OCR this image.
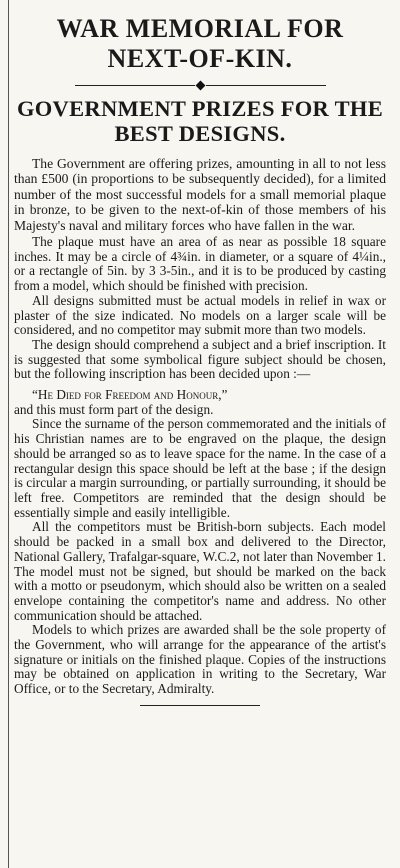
WAR MEMORIAL FOR NEXT-OF-KIN.
GOVERNMENT PRIZES FOR THE BEST DESIGNS.

The Government are offering prizes, amounting in all to not less than £500 (in proportions to be subsequently decided), for a limited number of the most successful models for a small memorial plaque in bronze, to be given to the next-of-kin of those members of his Majesty's naval and military forces who have fallen in the war.

The plaque must have an area of as near as possible 18 square inches. It may be a circle of 4¾in. in diameter, or a square of 4¼in., or a rectangle of 5in. by 3 3-5in., and it is to be produced by casting from a model, which should be finished with precision.

All designs submitted must be actual models in relief in wax or plaster of the size indicated. No models on a larger scale will be considered, and no competitor may submit more than two models.

The design should comprehend a subject and a brief inscription. It is suggested that some symbolical figure subject should be chosen, but the following inscription has been decided upon :—

“He Died for Freedom and Honour,”

and this must form part of the design.

Since the surname of the person commemorated and the initials of his Christian names are to be engraved on the plaque, the design should be arranged so as to leave space for the name. In the case of a rectangular design this space should be left at the base ; if the design is circular a margin surrounding, or partially surrounding, it should be left free. Competitors are reminded that the design should be essentially simple and easily intelligible.

All the competitors must be British-born subjects. Each model should be packed in a small box and delivered to the Director, National Gallery, Trafalgar-square, W.C.2, not later than November 1. The model must not be signed, but should be marked on the back with a motto or pseudonym, which should also be written on a sealed envelope containing the competitor's name and address. No other communication should be attached.

Models to which prizes are awarded shall be the sole property of the Government, who will arrange for the appearance of the artist's signature or initials on the finished plaque. Copies of the instructions may be obtained on application in writing to the Secretary, War Office, or to the Secretary, Admiralty.
